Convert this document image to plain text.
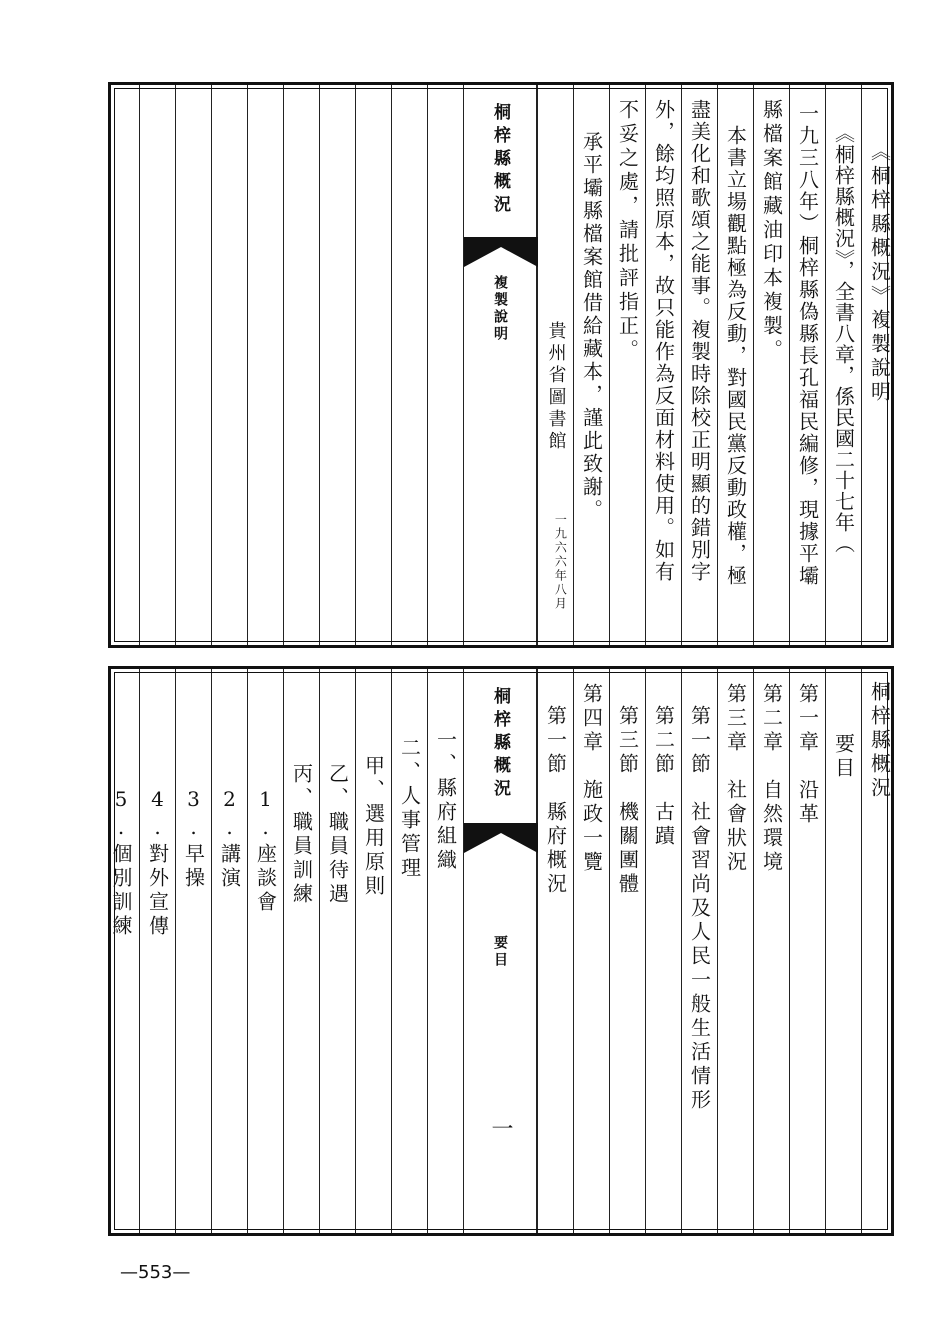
《桐梓縣概況》複製說明
《桐梓縣概況》，全書八章，係民國二十七年（
一九三八年）桐梓縣偽縣長孔福民編修，現據平壩
縣檔案館藏油印本複製。
本書立場觀點極為反動，對國民黨反動政權，極
盡美化和歌頌之能事。複製時除校正明顯的錯別字
外，餘均照原本，故只能作為反面材料使用。如有
不妥之處，請批評指正。
承平壩縣檔案館借給藏本，謹此致謝。
貴州省圖書館
一九六六年八月
桐梓縣概況
複製說明
桐梓縣概況
要目
第一章　沿革
第二章　自然環境
第三章　社會狀況
第一節　社會習尚及人民一般生活情形
第二節　古蹟
第三節　機關團體
第四章　施政一覽
第一節　縣府概況
桐梓縣概況
要目
一
一、縣府組織
二、人事管理
甲、選用原則
乙、職員待遇
丙、職員訓練
1.座談會
2.講演
3.早操
4.對外宣傳
5.個別訓練
—553—
